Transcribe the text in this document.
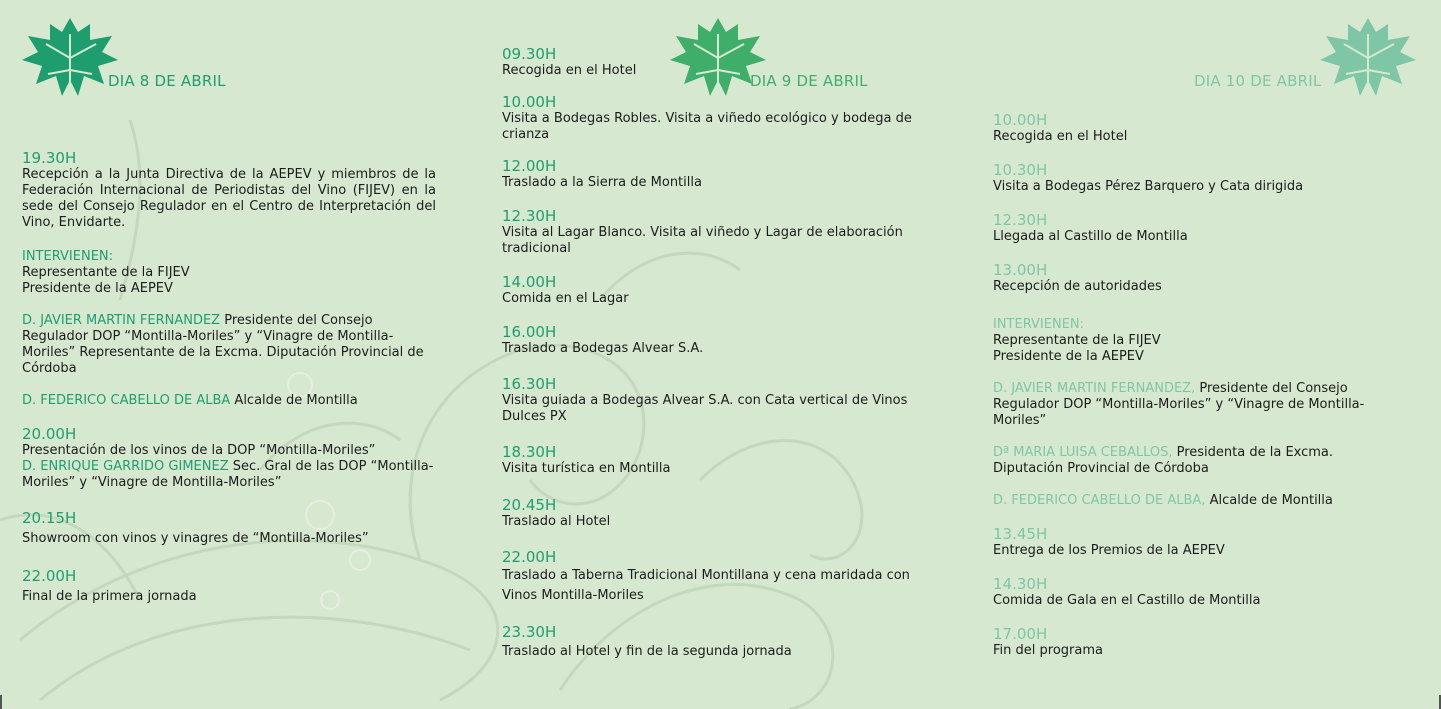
DIA 8 DE ABRIL	DIA 9 DE ABRIL	DIA 10 DE ABRIL

19.30H

Recepción a la Junta Directiva de la AEPEV y miembros de la Federación Internacional de Periodistas del Vino (FIJEV) en la sede del Consejo Regulador en el Centro de Interpretación del Vino, Envidarte.

INTERVIENEN:

Representante de la FIJEV

Presidente de la AEPEV

D. JAVIER MARTIN FERNANDEZ Presidente del Consejo Regulador DOP “Montilla-Moriles” y “Vinagre de Montilla-Moriles” Representante de la Excma. Diputación Provincial de Córdoba

D. FEDERICO CABELLO DE ALBA Alcalde de Montilla

20.00H

Presentación de los vinos de la DOP “Montilla-Moriles”

D. ENRIQUE GARRIDO GIMENEZ Sec. Gral de las DOP “Montilla-Moriles” y “Vinagre de Montilla-Moriles”

20.15H

Showroom con vinos y vinagres de “Montilla-Moriles”

22.00H

Final de la primera jornada

09.30H

Recogida en el Hotel

10.00H

Visita a Bodegas Robles. Visita a viñedo ecológico y bodega de crianza

12.00H

Traslado a la Sierra de Montilla

12.30H

Visita al Lagar Blanco. Visita al viñedo y Lagar de elaboración tradicional

14.00H

Comida en el Lagar

16.00H

Traslado a Bodegas Alvear S.A.

16.30H

Visita guiada a Bodegas Alvear S.A. con Cata vertical de Vinos Dulces PX

18.30H

Visita turística en Montilla

20.45H

Traslado al Hotel

22.00H

Traslado a Taberna Tradicional Montillana y cena maridada con Vinos Montilla-Moriles

23.30H

Traslado al Hotel y fin de la segunda jornada

10.00H

Recogida en el Hotel

10.30H

Visita a Bodegas Pérez Barquero y Cata dirigida

12.30H

Llegada al Castillo de Montilla

13.00H

Recepción de autoridades

INTERVIENEN:

Representante de la FIJEV

Presidente de la AEPEV

D. JAVIER MARTIN FERNANDEZ, Presidente del Consejo Regulador DOP “Montilla-Moriles” y “Vinagre de Montilla-Moriles”

Dª MARIA LUISA CEBALLOS, Presidenta de la Excma. Diputación Provincial de Córdoba

D. FEDERICO CABELLO DE ALBA, Alcalde de Montilla

13.45H

Entrega de los Premios de la AEPEV

14.30H

Comida de Gala en el Castillo de Montilla

17.00H

Fin del programa
